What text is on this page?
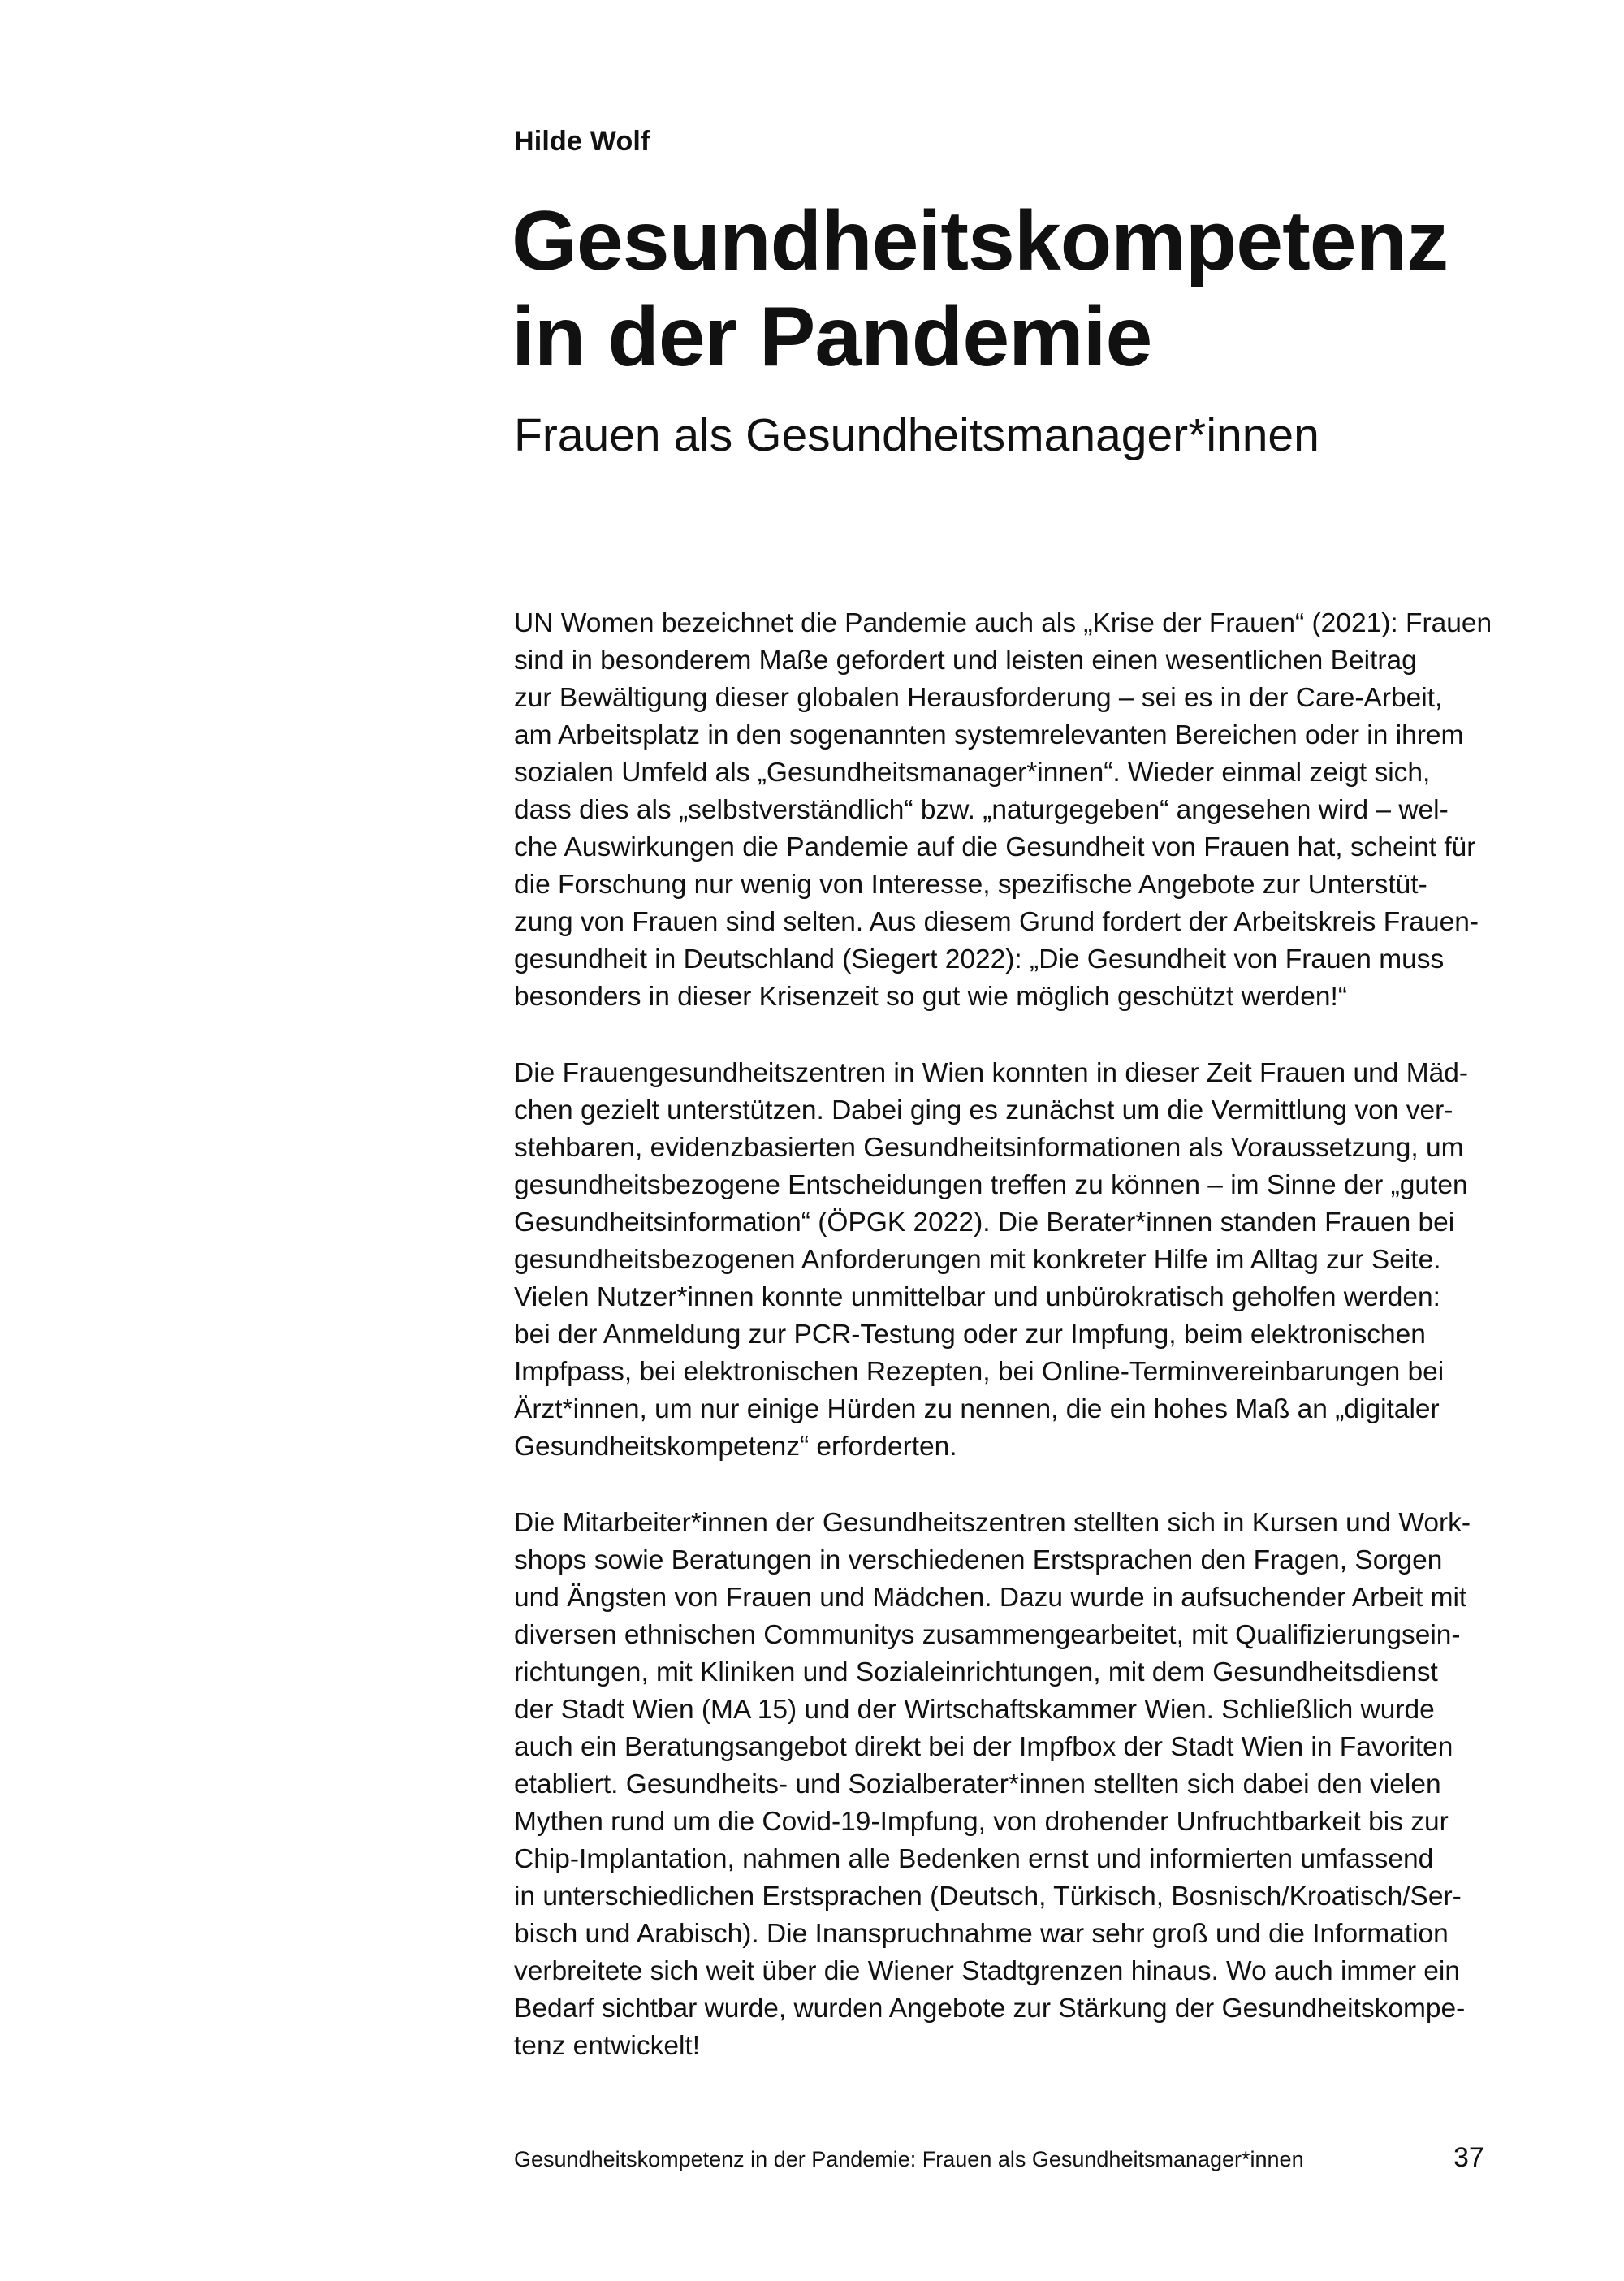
Hilde Wolf
Gesundheitskompetenz
in der Pandemie
Frauen als Gesundheitsmanager*innen

UN Women bezeichnet die Pandemie auch als „Krise der Frauen“ (2021): Frauen
sind in besonderem Maße gefordert und leisten einen wesentlichen Beitrag
zur Bewältigung dieser globalen Herausforderung – sei es in der Care-Arbeit,
am Arbeitsplatz in den sogenannten systemrelevanten Bereichen oder in ihrem
sozialen Umfeld als „Gesundheitsmanager*innen“. Wieder einmal zeigt sich,
dass dies als „selbstverständlich“ bzw. „naturgegeben“ angesehen wird – wel-
che Auswirkungen die Pandemie auf die Gesundheit von Frauen hat, scheint für
die Forschung nur wenig von Interesse, spezifische Angebote zur Unterstüt-
zung von Frauen sind selten. Aus diesem Grund fordert der Arbeitskreis Frauen-
gesundheit in Deutschland (Siegert 2022): „Die Gesundheit von Frauen muss
besonders in dieser Krisenzeit so gut wie möglich geschützt werden!“

Die Frauengesundheitszentren in Wien konnten in dieser Zeit Frauen und Mäd-
chen gezielt unterstützen. Dabei ging es zunächst um die Vermittlung von ver-
stehbaren, evidenzbasierten Gesundheitsinformationen als Voraussetzung, um
gesundheitsbezogene Entscheidungen treffen zu können – im Sinne der „guten
Gesundheitsinformation“ (ÖPGK 2022). Die Berater*innen standen Frauen bei
gesundheitsbezogenen Anforderungen mit konkreter Hilfe im Alltag zur Seite.
Vielen Nutzer*innen konnte unmittelbar und unbürokratisch geholfen werden:
bei der Anmeldung zur PCR-Testung oder zur Impfung, beim elektronischen
Impfpass, bei elektronischen Rezepten, bei Online-Terminvereinbarungen bei
Ärzt*innen, um nur einige Hürden zu nennen, die ein hohes Maß an „digitaler
Gesundheitskompetenz“ erforderten.

Die Mitarbeiter*innen der Gesundheitszentren stellten sich in Kursen und Work-
shops sowie Beratungen in verschiedenen Erstsprachen den Fragen, Sorgen
und Ängsten von Frauen und Mädchen. Dazu wurde in aufsuchender Arbeit mit
diversen ethnischen Communitys zusammengearbeitet, mit Qualifizierungsein-
richtungen, mit Kliniken und Sozialeinrichtungen, mit dem Gesundheitsdienst
der Stadt Wien (MA 15) und der Wirtschaftskammer Wien. Schließlich wurde
auch ein Beratungsangebot direkt bei der Impfbox der Stadt Wien in Favoriten
etabliert. Gesundheits- und Sozialberater*innen stellten sich dabei den vielen
Mythen rund um die Covid-19-Impfung, von drohender Unfruchtbarkeit bis zur
Chip-Implantation, nahmen alle Bedenken ernst und informierten umfassend
in unterschiedlichen Erstsprachen (Deutsch, Türkisch, Bosnisch/Kroatisch/Ser-
bisch und Arabisch). Die Inanspruchnahme war sehr groß und die Information
verbreitete sich weit über die Wiener Stadtgrenzen hinaus. Wo auch immer ein
Bedarf sichtbar wurde, wurden Angebote zur Stärkung der Gesundheitskompe-
tenz entwickelt!

Gesundheitskompetenz in der Pandemie: Frauen als Gesundheitsmanager*innen	37
